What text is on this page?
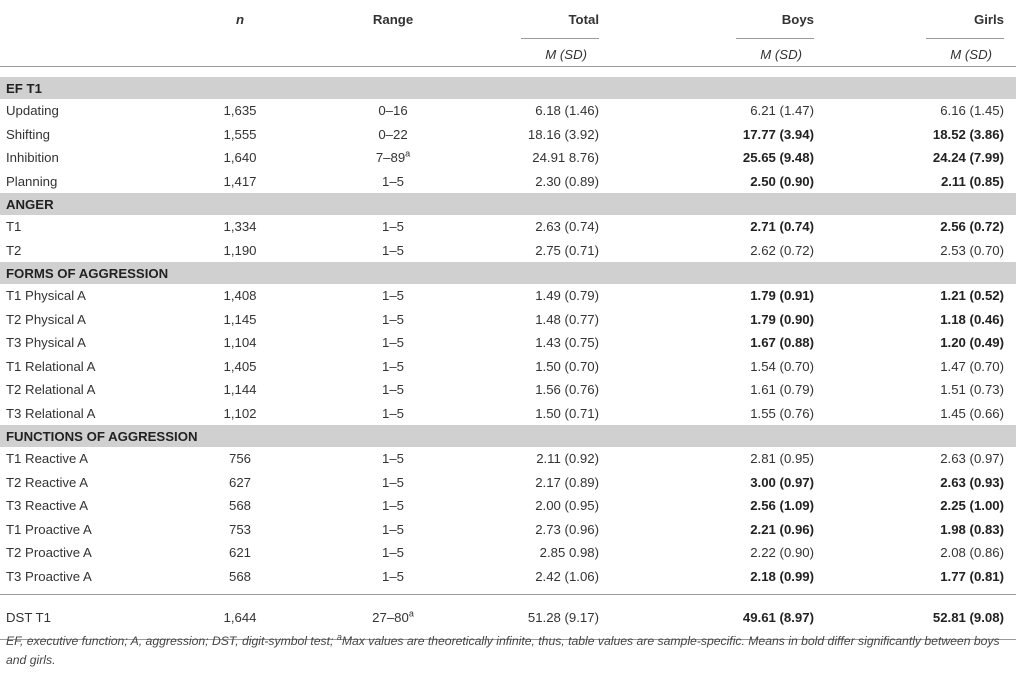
	n	Range	Total	Boys	Girls
			M (SD)	M (SD)	M (SD)

EF T1					
Updating	1,635	0–16	6.18 (1.46)	6.21 (1.47)	6.16 (1.45)
Shifting	1,555	0–22	18.16 (3.92)	17.77 (3.94)	18.52 (3.86)
Inhibition	1,640	7–89$^a$	24.91 8.76)	25.65 (9.48)	24.24 (7.99)
Planning	1,417	1–5	2.30 (0.89)	2.50 (0.90)	2.11 (0.85)
ANGER					
T1	1,334	1–5	2.63 (0.74)	2.71 (0.74)	2.56 (0.72)
T2	1,190	1–5	2.75 (0.71)	2.62 (0.72)	2.53 (0.70)
FORMS OF AGGRESSION					
T1 Physical A	1,408	1–5	1.49 (0.79)	1.79 (0.91)	1.21 (0.52)
T2 Physical A	1,145	1–5	1.48 (0.77)	1.79 (0.90)	1.18 (0.46)
T3 Physical A	1,104	1–5	1.43 (0.75)	1.67 (0.88)	1.20 (0.49)
T1 Relational A	1,405	1–5	1.50 (0.70)	1.54 (0.70)	1.47 (0.70)
T2 Relational A	1,144	1–5	1.56 (0.76)	1.61 (0.79)	1.51 (0.73)
T3 Relational A	1,102	1–5	1.50 (0.71)	1.55 (0.76)	1.45 (0.66)
FUNCTIONS OF AGGRESSION					
T1 Reactive A	756	1–5	2.11 (0.92)	2.81 (0.95)	2.63 (0.97)
T2 Reactive A	627	1–5	2.17 (0.89)	3.00 (0.97)	2.63 (0.93)
T3 Reactive A	568	1–5	2.00 (0.95)	2.56 (1.09)	2.25 (1.00)
T1 Proactive A	753	1–5	2.73 (0.96)	2.21 (0.96)	1.98 (0.83)
T2 Proactive A	621	1–5	2.85 0.98)	2.22 (0.90)	2.08 (0.86)
T3 Proactive A	568	1–5	2.42 (1.06)	2.18 (0.99)	1.77 (0.81)

DST T1	1,644	27–80$^a$	51.28 (9.17)	49.61 (8.97)	52.81 (9.08)
EF, executive function; A, aggression; DST, digit-symbol test; $^a$Max values are theoretically infinite, thus, table values are sample-specific. Means in bold differ significantly between boys and girls.
